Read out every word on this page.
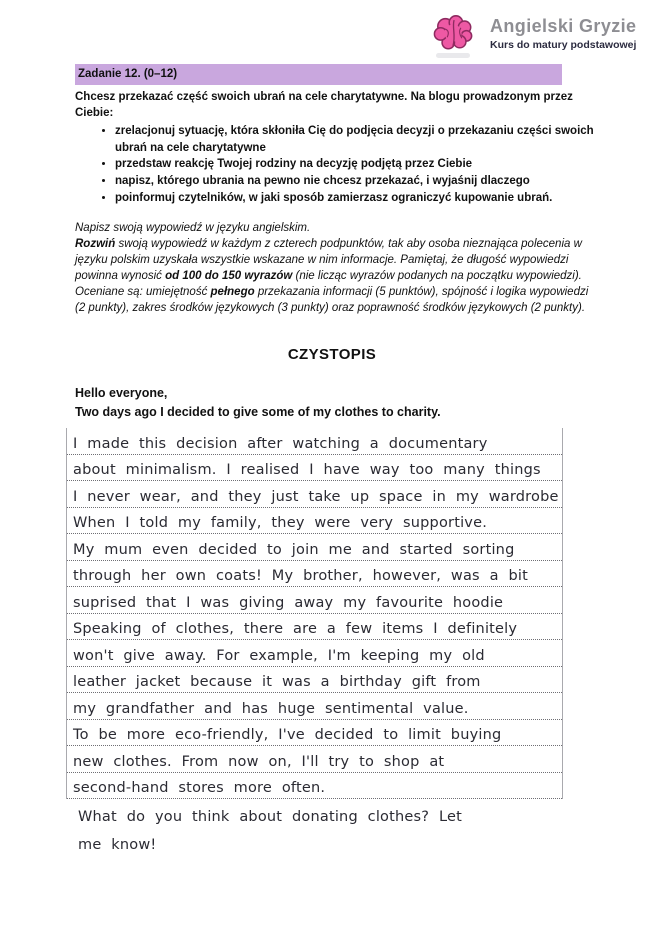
Angielski Gryzie
Kurs do matury podstawowej
Zadanie 12. (0–12)

Chcesz przekazać część swoich ubrań na cele charytatywne. Na blogu prowadzonym przez Ciebie:

• zrelacjonuj sytuację, która skłoniła Cię do podjęcia decyzji o przekazaniu części swoich ubrań na cele charytatywne
• przedstaw reakcję Twojej rodziny na decyzję podjętą przez Ciebie
• napisz, którego ubrania na pewno nie chcesz przekazać, i wyjaśnij dlaczego
• poinformuj czytelników, w jaki sposób zamierzasz ograniczyć kupowanie ubrań.

Napisz swoją wypowiedź w języku angielskim.
Rozwiń swoją wypowiedź w każdym z czterech podpunktów, tak aby osoba nieznająca polecenia w języku polskim uzyskała wszystkie wskazane w nim informacje. Pamiętaj, że długość wypowiedzi powinna wynosić od 100 do 150 wyrazów (nie licząc wyrazów podanych na początku wypowiedzi). Oceniane są: umiejętność pełnego przekazania informacji (5 punktów), spójność i logika wypowiedzi (2 punkty), zakres środków językowych (3 punkty) oraz poprawność środków językowych (2 punkty).

CZYSTOPIS

Hello everyone,
Two days ago I decided to give some of my clothes to charity.

I made this decision after watching a documentary
about minimalism. I realised I have way too many things
I never wear, and they just take up space in my wardrobe
When I told my family, they were very supportive.
My mum even decided to join me and started sorting
through her own coats! My brother, however, was a bit
suprised that I was giving away my favourite hoodie
Speaking of clothes, there are a few items I definitely
won't give away. For example, I'm keeping my old
leather jacket because it was a birthday gift from
my grandfather and has huge sentimental value.
To be more eco-friendly, I've decided to limit buying
new clothes. From now on, I'll try to shop at
second-hand stores more often.
What do you think about donating clothes? Let
me know!
